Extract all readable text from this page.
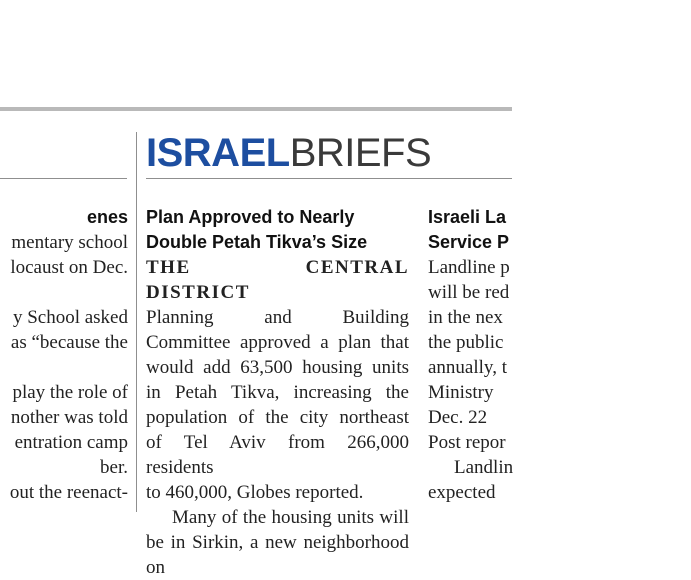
ISRAELBRIEFS
enes
mentary school
locaust on Dec.
y School asked
as “because the
play the role of
nother was told
entration camp
ber.
out the reenact-
Plan Approved to Nearly
Double Petah Tikva’s Size
THE CENTRAL DISTRICT
Planning and Building
Committee approved a plan that
would add 63,500 housing units
in Petah Tikva, increasing the
population of the city northeast
of Tel Aviv from 266,000 residents
to 460,000, Globes reported.
Many of the housing units will
be in Sirkin, a new neighborhood on
Israeli La
Service P
Landline p
will be red
in the nex
the public
annually, t
Ministry
Dec. 22
Post repor
Landlin
expected
